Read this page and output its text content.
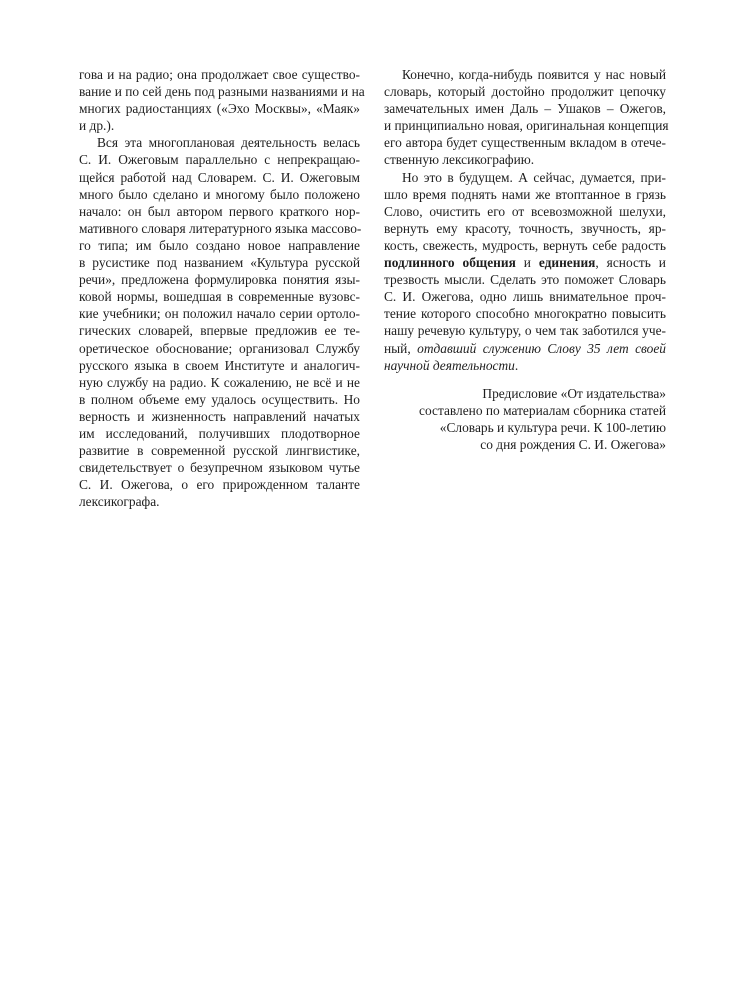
гова и на радио; она продолжает свое существо-
вание и по сей день под разными названиями и на
многих радиостанциях («Эхо Москвы», «Маяк»
и др.).

Вся эта многоплановая деятельность велась
С. И. Ожеговым параллельно с непрекращаю-
щейся работой над Словарем. С. И. Ожеговым
много было сделано и многому было положено
начало: он был автором первого краткого нор-
мативного словаря литературного языка массово-
го типа; им было создано новое направление
в русистике под названием «Культура русской
речи», предложена формулировка понятия язы-
ковой нормы, вошедшая в современные вузовс-
кие учебники; он положил начало серии ортоло-
гических словарей, впервые предложив ее те-
оретическое обоснование; организовал Службу
русского языка в своем Институте и аналогич-
ную службу на радио. К сожалению, не всё и не
в полном объеме ему удалось осуществить. Но
верность и жизненность направлений начатых
им исследований, получивших плодотворное
развитие в современной русской лингвистике,
свидетельствует о безупречном языковом чутье
С. И. Ожегова, о его прирожденном таланте
лексикографа.

Конечно, когда-нибудь появится у нас новый
словарь, который достойно продолжит цепочку
замечательных имен Даль – Ушаков – Ожегов,
и принципиально новая, оригинальная концепция
его автора будет существенным вкладом в отече-
ственную лексикографию.

Но это в будущем. А сейчас, думается, при-
шло время поднять нами же втоптанное в грязь
Слово, очистить его от всевозможной шелухи,
вернуть ему красоту, точность, звучность, яр-
кость, свежесть, мудрость, вернуть себе радость
подлинного общения и единения, ясность и
трезвость мысли. Сделать это поможет Словарь
С. И. Ожегова, одно лишь внимательное проч-
тение которого способно многократно повысить
нашу речевую культуру, о чем так заботился уче-
ный, отдавший служению Слову 35 лет своей
научной деятельности.

Предисловие «От издательства»
составлено по материалам сборника статей
«Словарь и культура речи. К 100-летию
со дня рождения С. И. Ожегова»
